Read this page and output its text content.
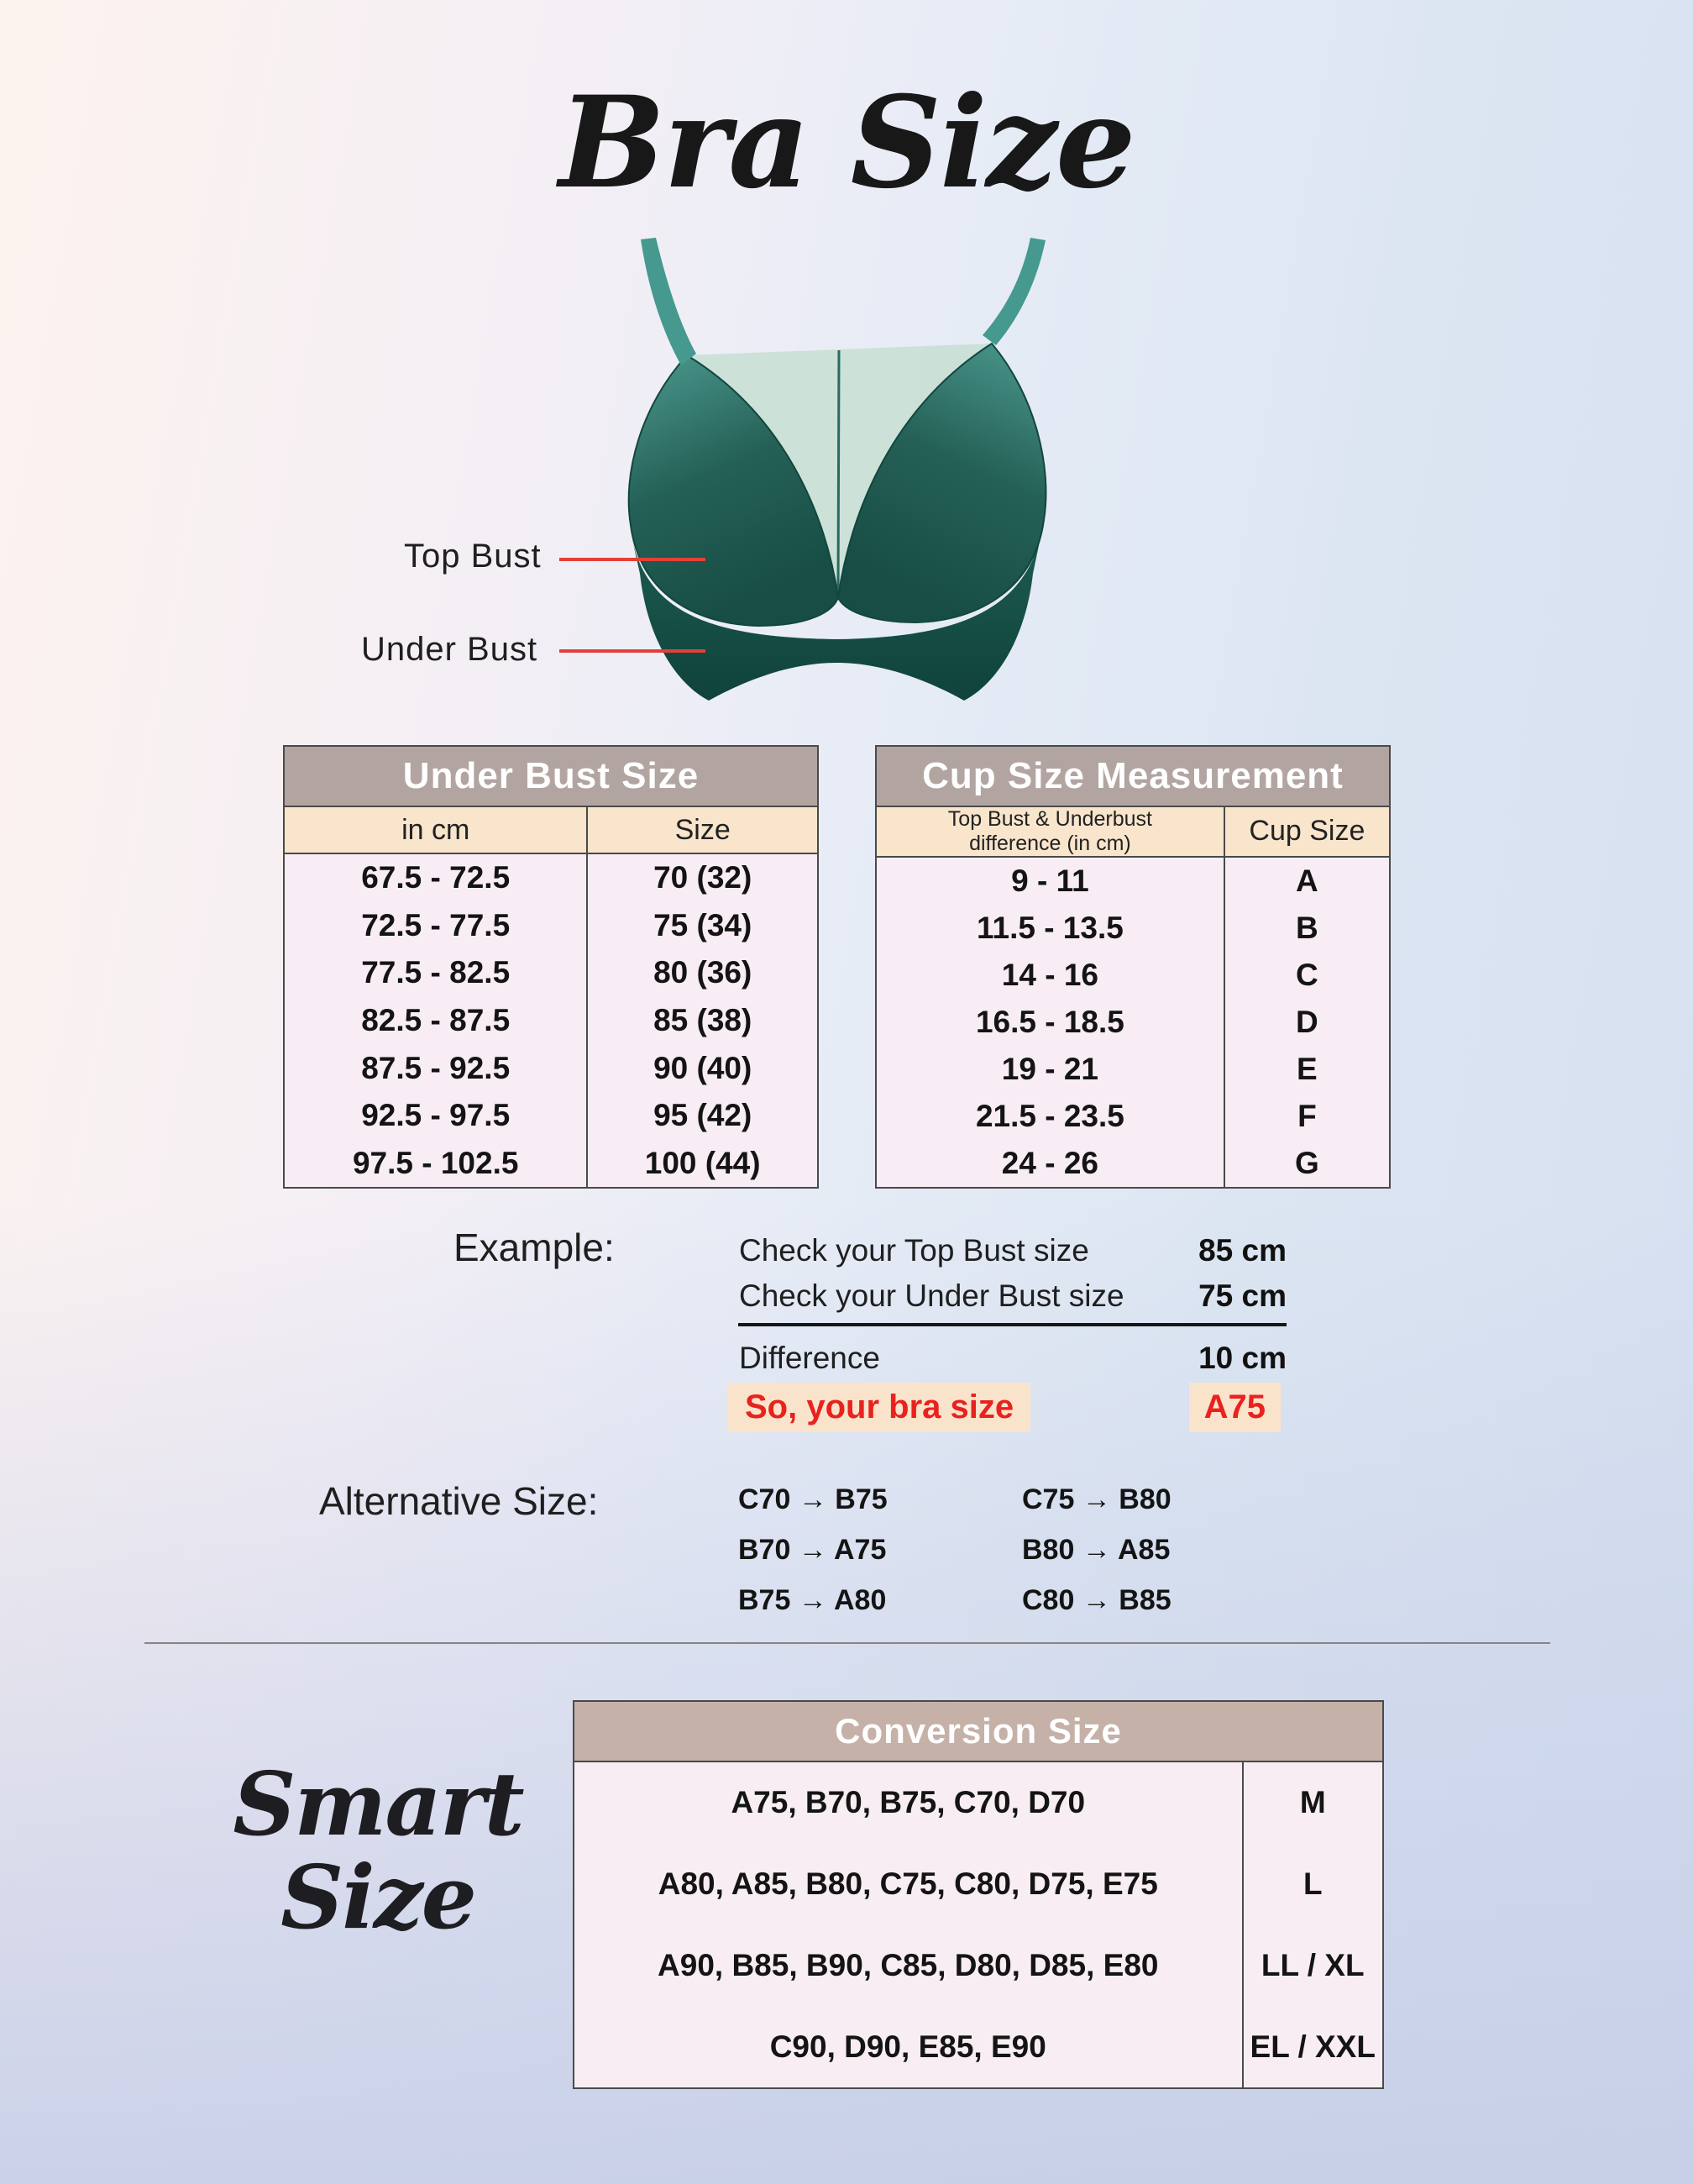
Bra Size
Top Bust
Under Bust
Under Bust Size
in cm	Size
67.5 - 72.5	70 (32)
72.5 - 77.5	75 (34)
77.5 - 82.5	80 (36)
82.5 - 87.5	85 (38)
87.5 - 92.5	90 (40)
92.5 - 97.5	95 (42)
97.5 - 102.5	100 (44)
Cup Size Measurement
Top Bust & Underbust difference (in cm)	Cup Size
9 - 11	A
11.5 - 13.5	B
14 - 16	C
16.5 - 18.5	D
19 - 21	E
21.5 - 23.5	F
24 - 26	G
Example:	Check your Top Bust size	85 cm
Check your Under Bust size 75 cm
Difference	10 cm
So, your bra size	A75
Alternative Size:	C70 → B75	C75 → B80
B70 → A75	B80 → A85
B75 → A80	C80 → B85
Smart
Size
Conversion Size
A75, B70, B75, C70, D70	M
A80, A85, B80, C75, C80, D75, E75	L
A90, B85, B90, C85, D80, D85, E80	LL / XL
C90, D90, E85, E90	EL / XXL
